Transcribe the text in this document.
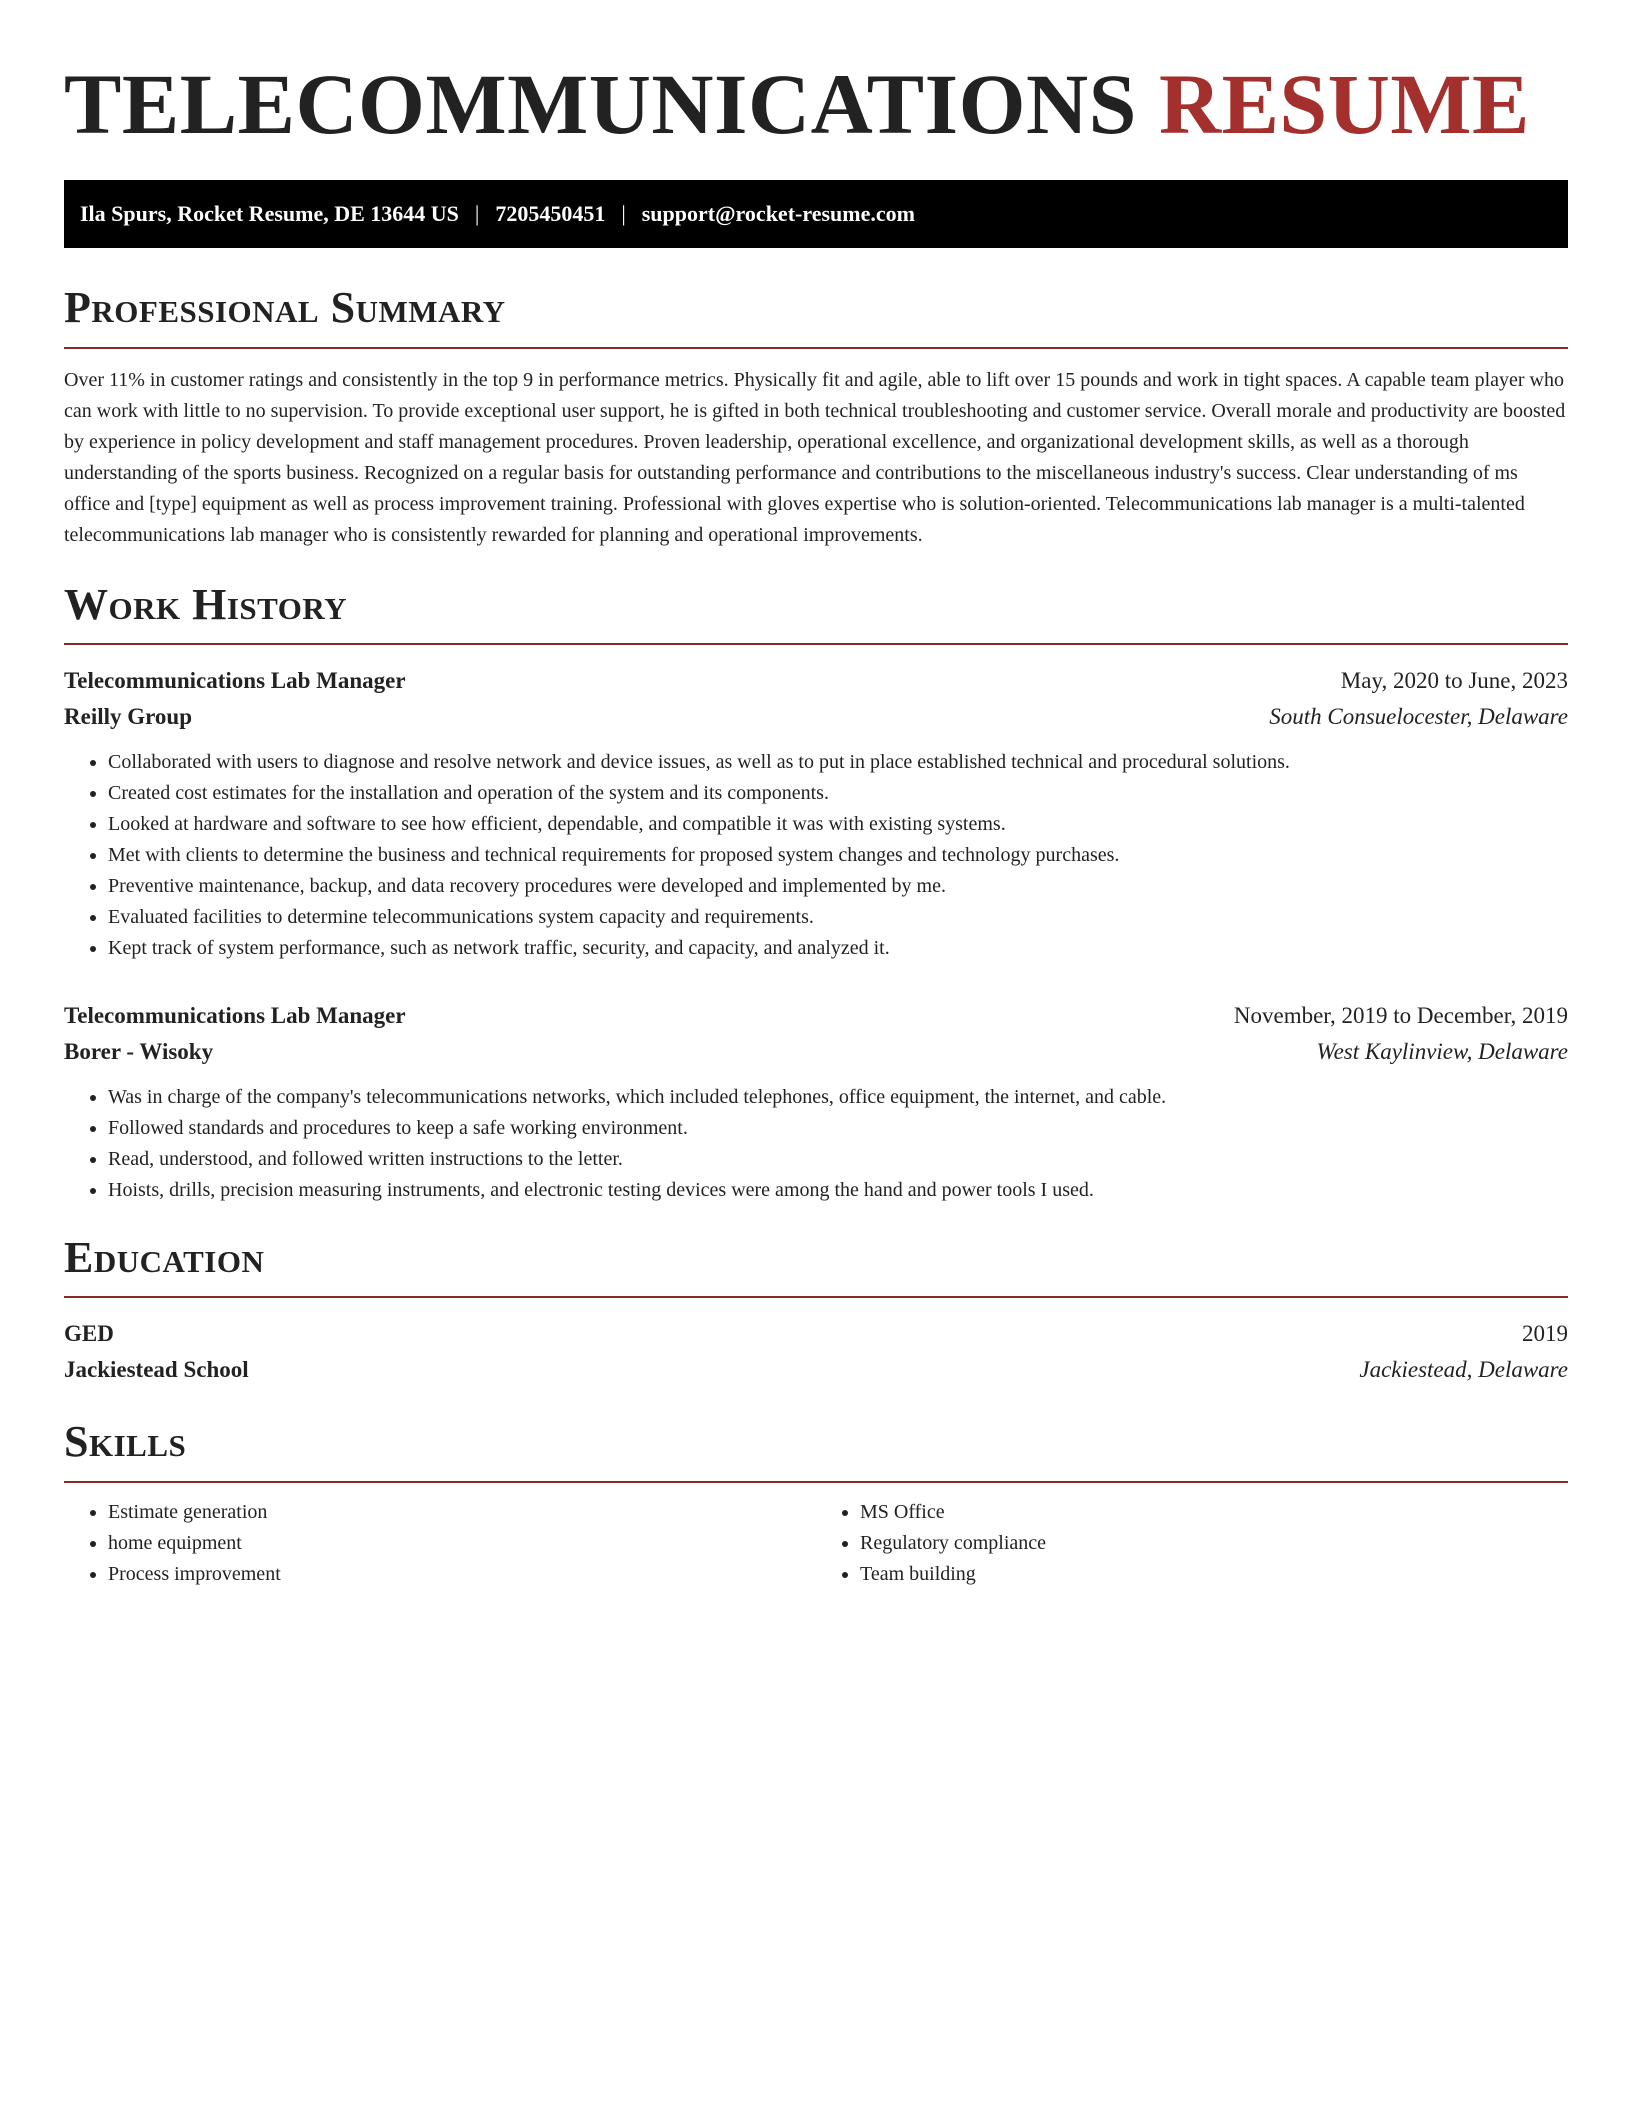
TELECOMMUNICATIONS RESUME
Ila Spurs, Rocket Resume, DE 13644 US | 7205450451 | support@rocket-resume.com
Professional Summary

Over 11% in customer ratings and consistently in the top 9 in performance metrics. Physically fit and agile, able to lift over 15 pounds and work in tight spaces. A capable team player who can work with little to no supervision. To provide exceptional user support, he is gifted in both technical troubleshooting and customer service. Overall morale and productivity are boosted by experience in policy development and staff management procedures. Proven leadership, operational excellence, and organizational development skills, as well as a thorough understanding of the sports business. Recognized on a regular basis for outstanding performance and contributions to the miscellaneous industry's success. Clear understanding of ms office and [type] equipment as well as process improvement training. Professional with gloves expertise who is solution-oriented. Telecommunications lab manager is a multi-talented telecommunications lab manager who is consistently rewarded for planning and operational improvements.

Work History
Telecommunications Lab Manager	May, 2020 to June, 2023
Reilly Group	South Consuelocester, Delaware
• Collaborated with users to diagnose and resolve network and device issues, as well as to put in place established technical and procedural solutions.
• Created cost estimates for the installation and operation of the system and its components.
• Looked at hardware and software to see how efficient, dependable, and compatible it was with existing systems.
• Met with clients to determine the business and technical requirements for proposed system changes and technology purchases.
• Preventive maintenance, backup, and data recovery procedures were developed and implemented by me.
• Evaluated facilities to determine telecommunications system capacity and requirements.
• Kept track of system performance, such as network traffic, security, and capacity, and analyzed it.
Telecommunications Lab Manager	November, 2019 to December, 2019
Borer - Wisoky	West Kaylinview, Delaware
• Was in charge of the company's telecommunications networks, which included telephones, office equipment, the internet, and cable.
• Followed standards and procedures to keep a safe working environment.
• Read, understood, and followed written instructions to the letter.
• Hoists, drills, precision measuring instruments, and electronic testing devices were among the hand and power tools I used.
Education
GED	2019
Jackiestead School	Jackiestead, Delaware
Skills
• Estimate generation
• home equipment
• Process improvement
• MS Office
• Regulatory compliance
• Team building
